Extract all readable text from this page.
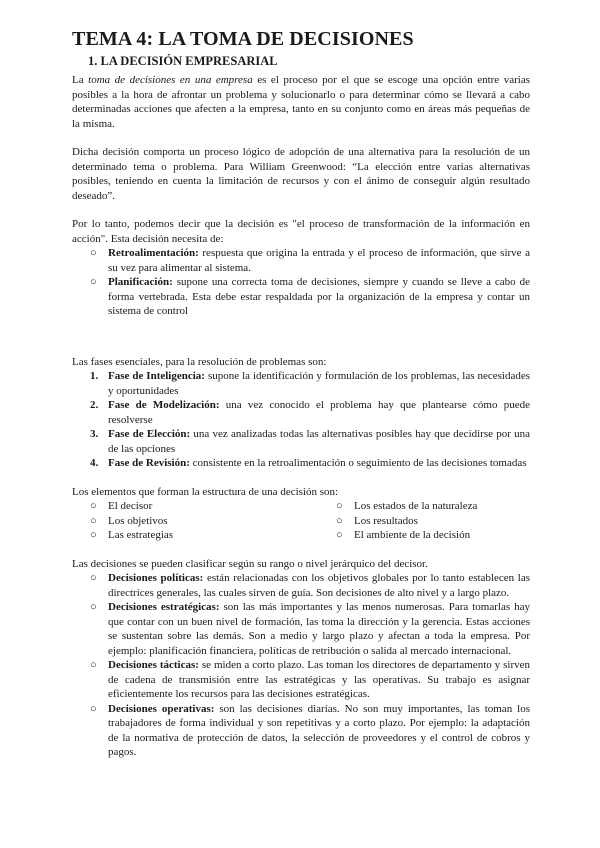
TEMA 4: LA TOMA DE DECISIONES
1. LA DECISIÓN EMPRESARIAL

La toma de decisiones en una empresa es el proceso por el que se escoge una opción entre varias posibles a la hora de afrontar un problema y solucionarlo o para determinar cómo se llevará a cabo determinadas acciones que afecten a la empresa, tanto en su conjunto como en áreas más pequeñas de la misma.

Dicha decisión comporta un proceso lógico de adopción de una alternativa para la resolución de un determinado tema o problema. Para William Greenwood: “La elección entre varias alternativas posibles, teniendo en cuenta la limitación de recursos y con el ánimo de conseguir algún resultado deseado”.

Por lo tanto, podemos decir que la decisión es "el proceso de transformación de la información en acción". Esta decisión necesita de:

○ Retroalimentación: respuesta que origina la entrada y el proceso de información, que sirve a su vez para alimentar al sistema.
○ Planificación: supone una correcta toma de decisiones, siempre y cuando se lleve a cabo de forma vertebrada. Esta debe estar respaldada por la organización de la empresa y contar un sistema de control

Las fases esenciales, para la resolución de problemas son:

1. Fase de Inteligencia: supone la identificación y formulación de los problemas, las necesidades y oportunidades
2. Fase de Modelización: una vez conocido el problema hay que plantearse cómo puede resolverse
3. Fase de Elección: una vez analizadas todas las alternativas posibles hay que decidirse por una de las opciones
4. Fase de Revisión: consistente en la retroalimentación o seguimiento de las decisiones tomadas

Los elementos que forman la estructura de una decisión son:

○ El decisor	○ Los estados de la naturaleza
○ Los objetivos	○ Los resultados
○ Las estrategias	○ El ambiente de la decisión

Las decisiones se pueden clasificar según su rango o nivel jerárquico del decisor.

○ Decisiones políticas: están relacionadas con los objetivos globales por lo tanto establecen las directrices generales, las cuales sirven de guía. Son decisiones de alto nivel y a largo plazo.
○ Decisiones estratégicas: son las más importantes y las menos numerosas. Para tomarlas hay que contar con un buen nivel de formación, las toma la dirección y la gerencia. Estas acciones se sustentan sobre las demás. Son a medio y largo plazo y afectan a toda la empresa. Por ejemplo: planificación financiera, políticas de retribución o salida al mercado internacional.
○ Decisiones tácticas: se miden a corto plazo. Las toman los directores de departamento y sirven de cadena de transmisión entre las estratégicas y las operativas. Su trabajo es asignar eficientemente los recursos para las decisiones estratégicas.
○ Decisiones operativas: son las decisiones diarias. No son muy importantes, las toman los trabajadores de forma individual y son repetitivas y a corto plazo. Por ejemplo: la adaptación de la normativa de protección de datos, la selección de proveedores y el control de cobros y pagos.
